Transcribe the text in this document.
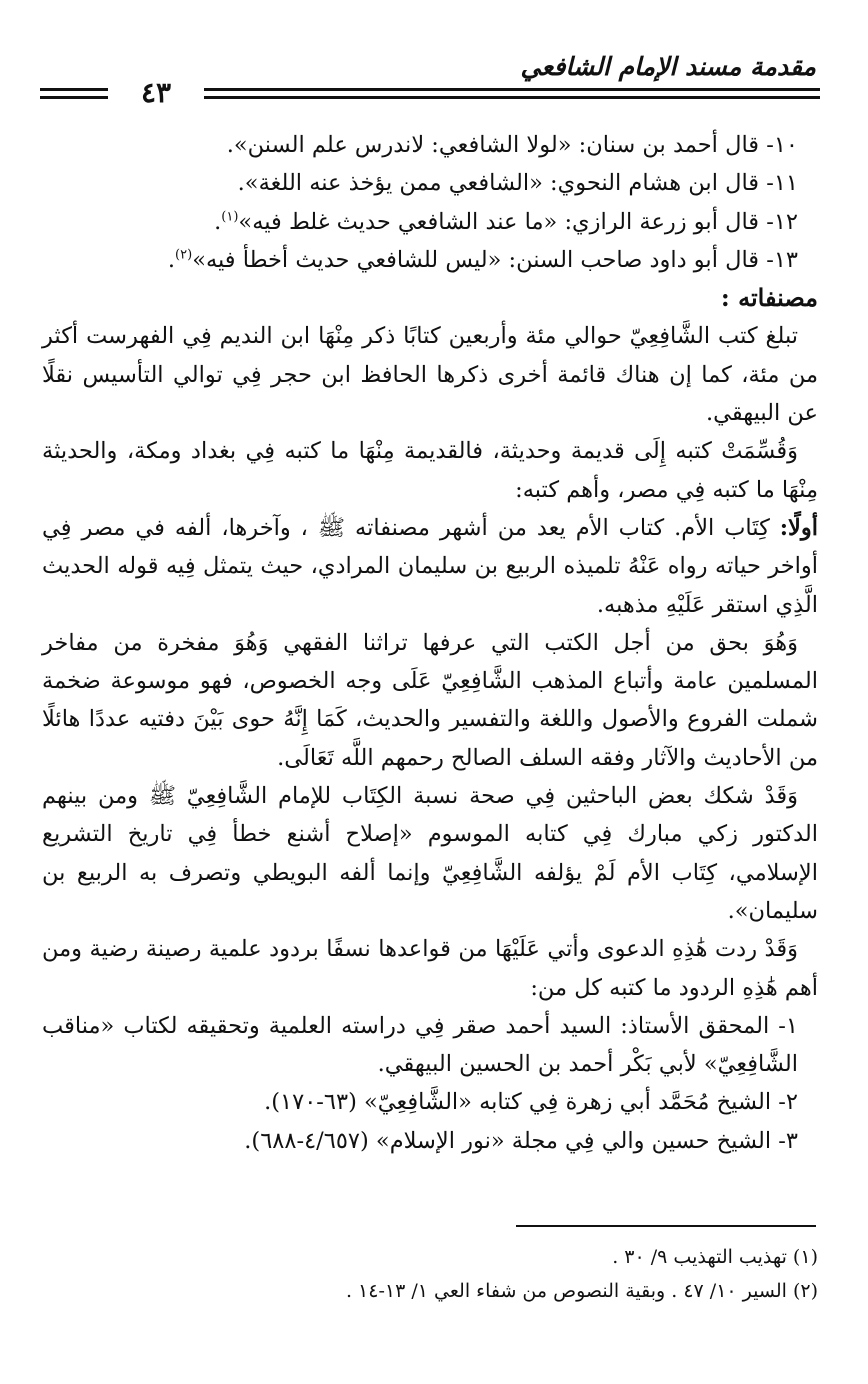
مقدمة مسند الإمام الشافعي
٤٣

١٠- قال أحمد بن سنان: «لولا الشافعي: لاندرس علم السنن».

١١- قال ابن هشام النحوي: «الشافعي ممن يؤخذ عنه اللغة».

١٢- قال أبو زرعة الرازي: «ما عند الشافعي حديث غلط فيه»$^{(١)}$.

١٣- قال أبو داود صاحب السنن: «ليس للشافعي حديث أخطأ فيه»$^{(٢)}$.

مصنفاته :

تبلغ كتب الشَّافِعِيّ حوالي مئة وأربعين كتابًا ذكر مِنْهَا ابن النديم فِي الفهرست أكثر من مئة، كما إن هناك قائمة أخرى ذكرها الحافظ ابن حجر فِي توالي التأسيس نقلًا عن البيهقي.

وَقُسِّمَتْ كتبه إِلَى قديمة وحديثة، فالقديمة مِنْهَا ما كتبه فِي بغداد ومكة، والحديثة مِنْهَا ما كتبه فِي مصر، وأهم كتبه:

أولًا: كِتَاب الأم. كتاب الأم يعد من أشهر مصنفاته ﷺ ، وآخرها، ألفه في مصر فِي أواخر حياته رواه عَنْهُ تلميذه الربيع بن سليمان المرادي، حيث يتمثل فِيه قوله الحديث الَّذِي استقر عَلَيْهِ مذهبه.

وَهُوَ بحق من أجل الكتب التي عرفها تراثنا الفقهي وَهُوَ مفخرة من مفاخر المسلمين عامة وأتباع المذهب الشَّافِعِيّ عَلَى وجه الخصوص، فهو موسوعة ضخمة شملت الفروع والأصول واللغة والتفسير والحديث، كَمَا إِنَّهُ حوى بَيْنَ دفتيه عددًا هائلًا من الأحاديث والآثار وفقه السلف الصالح رحمهم اللَّه تَعَالَى.

وَقَدْ شكك بعض الباحثين فِي صحة نسبة الكِتَاب للإمام الشَّافِعِيّ ﷺ ومن بينهم الدكتور زكي مبارك فِي كتابه الموسوم «إصلاح أشنع خطأ فِي تاريخ التشريع الإسلامي، كِتَاب الأم لَمْ يؤلفه الشَّافِعِيّ وإنما ألفه البويطي وتصرف به الربيع بن سليمان».

وَقَدْ ردت هَٰذِهِ الدعوى وأتي عَلَيْهَا من قواعدها نسفًا بردود علمية رصينة رضية ومن أهم هَٰذِهِ الردود ما كتبه كل من:

١- المحقق الأستاذ: السيد أحمد صقر فِي دراسته العلمية وتحقيقه لكتاب «مناقب الشَّافِعِيّ» لأبي بَكْر أحمد بن الحسين البيهقي.

٢- الشيخ مُحَمَّد أبي زهرة فِي كتابه «الشَّافِعِيّ» (٦٣-١٧٠).

٣- الشيخ حسين والي فِي مجلة «نور الإسلام» (٤/٦٥٧-٦٨٨).

(١) تهذيب التهذيب ٩/ ٣٠ .

(٢) السير ١٠/ ٤٧ . وبقية النصوص من شفاء العي ١/ ١٣-١٤ .
